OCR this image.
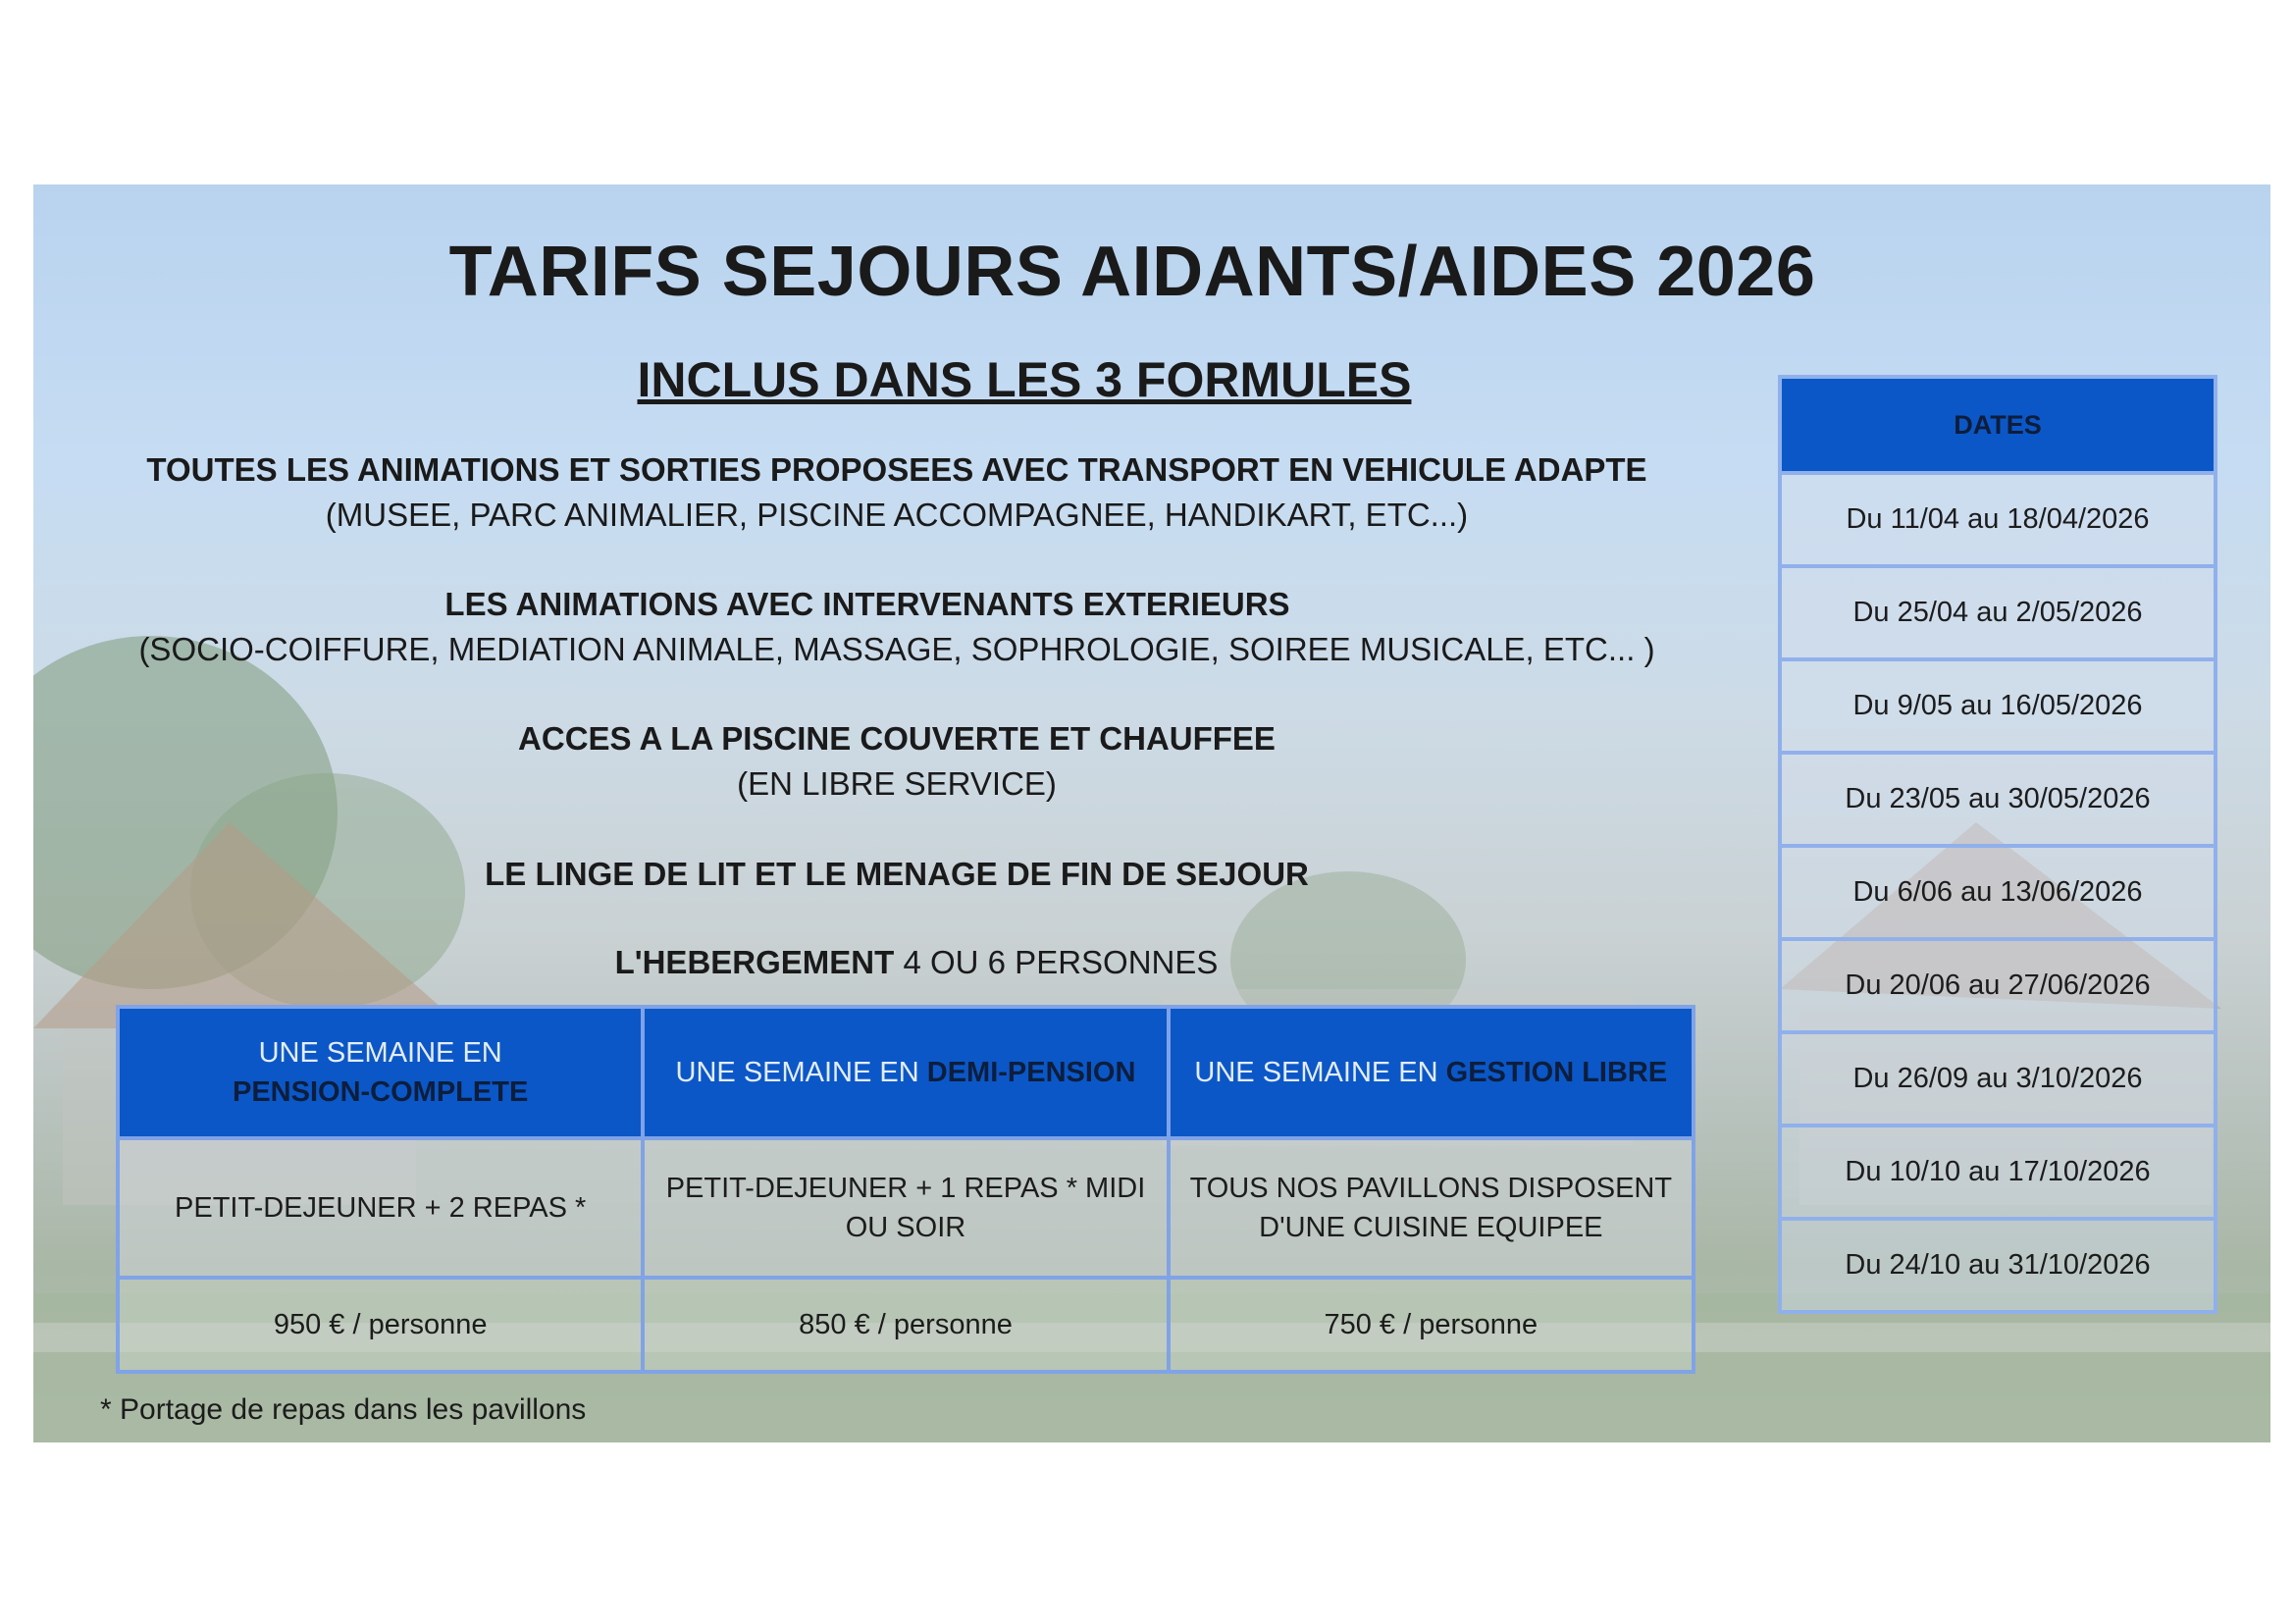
TARIFS SEJOURS AIDANTS/AIDES 2026
INCLUS DANS LES 3 FORMULES
TOUTES LES ANIMATIONS ET SORTIES PROPOSEES AVEC TRANSPORT EN VEHICULE ADAPTE
(MUSEE, PARC ANIMALIER, PISCINE ACCOMPAGNEE, HANDIKART, ETC...)
LES ANIMATIONS AVEC INTERVENANTS EXTERIEURS
(SOCIO-COIFFURE, MEDIATION ANIMALE, MASSAGE, SOPHROLOGIE, SOIREE MUSICALE, ETC... )
ACCES A LA PISCINE COUVERTE ET CHAUFFEE
(EN LIBRE SERVICE)
LE LINGE DE LIT ET LE MENAGE DE FIN DE SEJOUR
L'HEBERGEMENT 4 OU 6 PERSONNES
UNE SEMAINE EN
PENSION-COMPLETE	UNE SEMAINE EN DEMI-PENSION	UNE SEMAINE EN GESTION LIBRE
PETIT-DEJEUNER + 2 REPAS *	PETIT-DEJEUNER + 1 REPAS * MIDI OU SOIR	TOUS NOS PAVILLONS DISPOSENT D'UNE CUISINE EQUIPEE
950 € / personne	850 € / personne	750 € / personne
* Portage de repas dans les pavillons
DATES
Du 11/04 au 18/04/2026
Du 25/04 au 2/05/2026
Du 9/05 au 16/05/2026
Du 23/05 au 30/05/2026
Du 6/06 au 13/06/2026
Du 20/06 au 27/06/2026
Du 26/09 au 3/10/2026
Du 10/10 au 17/10/2026
Du 24/10 au 31/10/2026
